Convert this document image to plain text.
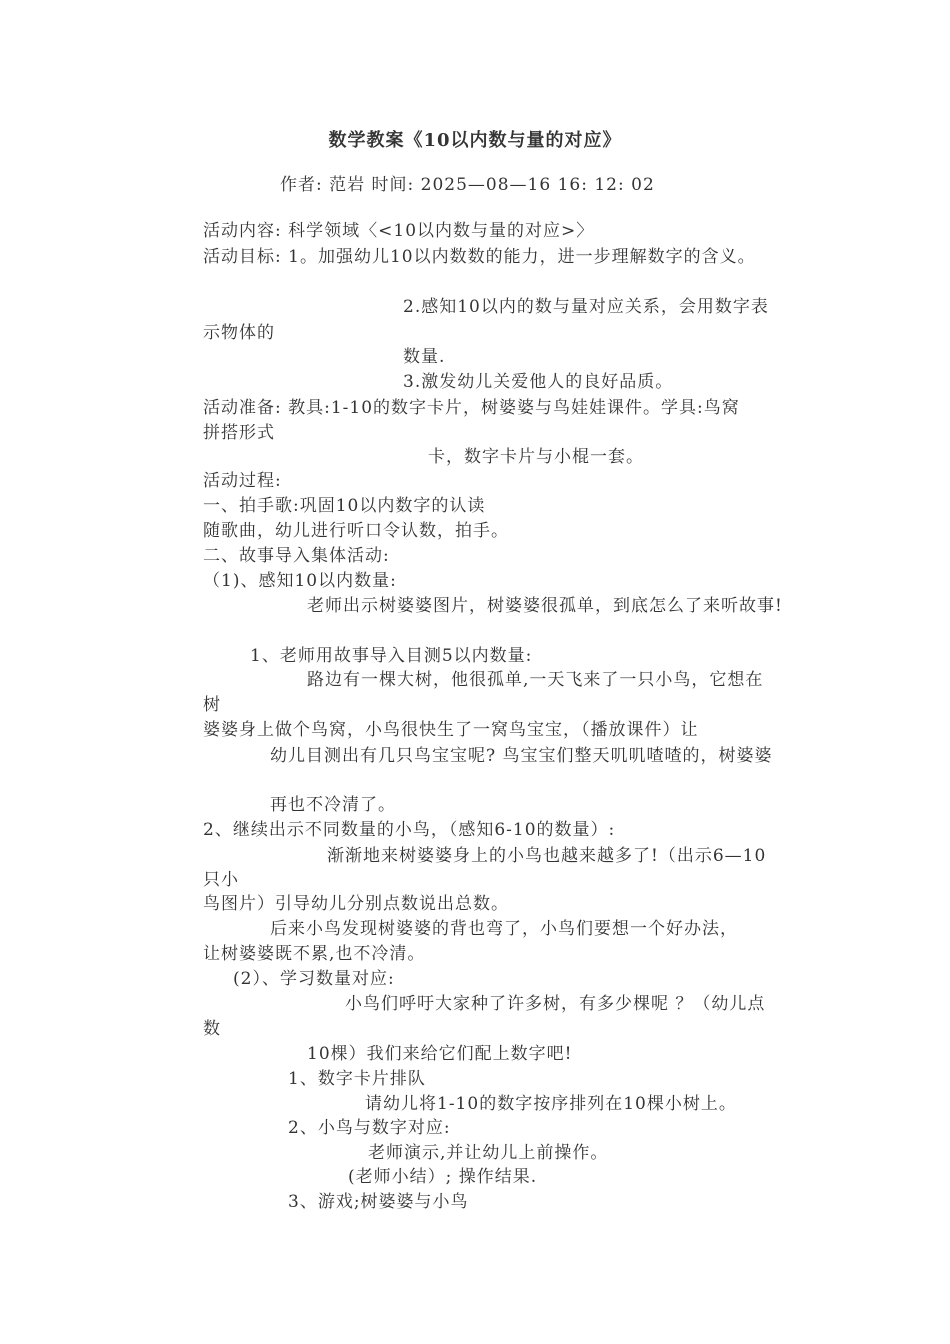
数学教案《10以内数与量的对应》
作者: 范岩 时间: 2025—08—16 16: 12: 02
活动内容: 科学领域〈<10以内数与量的对应>〉
活动目标: 1。加强幼儿10以内数数的能力，进一步理解数字的含义。
2.感知10以内的数与量对应关系，会用数字表
示物体的
数量.
3.激发幼儿关爱他人的良好品质。
活动准备: 教具:1-10的数字卡片，树婆婆与鸟娃娃课件。学具:鸟窝
拼搭形式
卡，数字卡片与小棍一套。
活动过程:
一、拍手歌:巩固10以内数字的认读
随歌曲，幼儿进行听口令认数，拍手。
二、故事导入集体活动:
（1)、感知10以内数量:
老师出示树婆婆图片，树婆婆很孤单，到底怎么了来听故事!
1、老师用故事导入目测5以内数量:
路边有一棵大树，他很孤单,一天飞来了一只小鸟，它想在
树
婆婆身上做个鸟窝，小鸟很快生了一窝鸟宝宝，（播放课件）让
幼儿目测出有几只鸟宝宝呢? 鸟宝宝们整天叽叽喳喳的，树婆婆
再也不冷清了。
2、继续出示不同数量的小鸟，（感知6-10的数量）:
渐渐地来树婆婆身上的小鸟也越来越多了!（出示6—10
只小
鸟图片）引导幼儿分别点数说出总数。
后来小鸟发现树婆婆的背也弯了，小鸟们要想一个好办法，
让树婆婆既不累,也不冷清。
(2）、学习数量对应:
小鸟们呼吁大家种了许多树，有多少棵呢 ？（幼儿点
数
10棵）我们来给它们配上数字吧!
1、数字卡片排队
请幼儿将1-10的数字按序排列在10棵小树上。
2、小鸟与数字对应:
老师演示,并让幼儿上前操作。
(老师小结）; 操作结果.
3、游戏;树婆婆与小鸟
